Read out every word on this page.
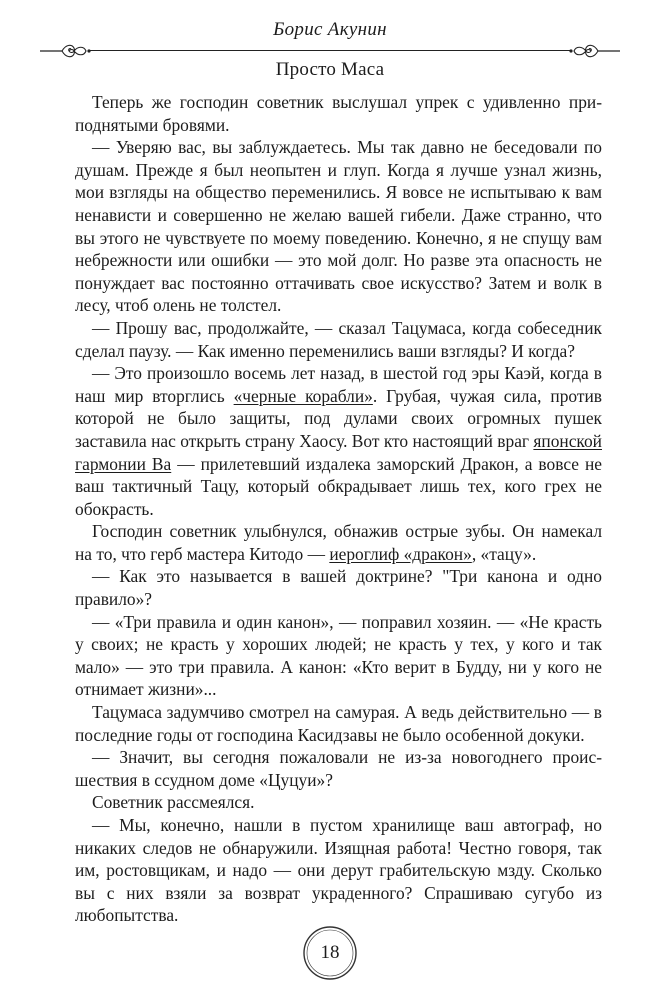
Борис Акунин
Просто Маса

Теперь же господин советник выслушал упрек с удивленно приподнятыми бровями.

— Уверяю вас, вы заблуждаетесь. Мы так давно не беседовали по душам. Прежде я был неопытен и глуп. Когда я лучше узнал жизнь, мои взгляды на общество переменились. Я вовсе не испытываю к вам ненависти и совершенно не желаю вашей гибели. Даже странно, что вы этого не чувствуете по моему поведению. Конечно, я не спущу вам небрежности или ошибки — это мой долг. Но разве эта опасность не понуждает вас постоянно оттачивать свое искусство? Затем и волк в лесу, чтоб олень не толстел.

— Прошу вас, продолжайте, — сказал Тацумаса, когда собеседник сделал паузу. — Как именно переменились ваши взгляды? И когда?

— Это произошло восемь лет назад, в шестой год эры Каэй, когда в наш мир вторглись «черные корабли». Грубая, чужая сила, против которой не было защиты, под дулами своих огромных пушек заставила нас открыть страну Хаосу. Вот кто настоящий враг японской гармонии Ва — прилетевший издалека заморский Дракон, а вовсе не ваш тактичный Тацу, который обкрадывает лишь тех, кого грех не обокрасть.

Господин советник улыбнулся, обнажив острые зубы. Он намекал на то, что герб мастера Китодо — иероглиф «дракон», «тацу».

— Как это называется в вашей доктрине? "Три канона и одно правило»?

— «Три правила и один канон», — поправил хозяин. — «Не красть у своих; не красть у хороших людей; не красть у тех, у кого и так мало» — это три правила. А канон: «Кто верит в Будду, ни у кого не отнимает жизни»...

Тацумаса задумчиво смотрел на самурая. А ведь действительно — в последние годы от господина Касидзавы не было особенной докуки.

— Значит, вы сегодня пожаловали не из-за новогоднего происшествия в ссудном доме «Цуцуи»?

Советник рассмеялся.

— Мы, конечно, нашли в пустом хранилище ваш автограф, но никаких следов не обнаружили. Изящная работа! Честно говоря, так им, ростовщикам, и надо — они дерут грабительскую мзду. Сколько вы с них взяли за возврат украденного? Спрашиваю сугубо из любопытства.

18
